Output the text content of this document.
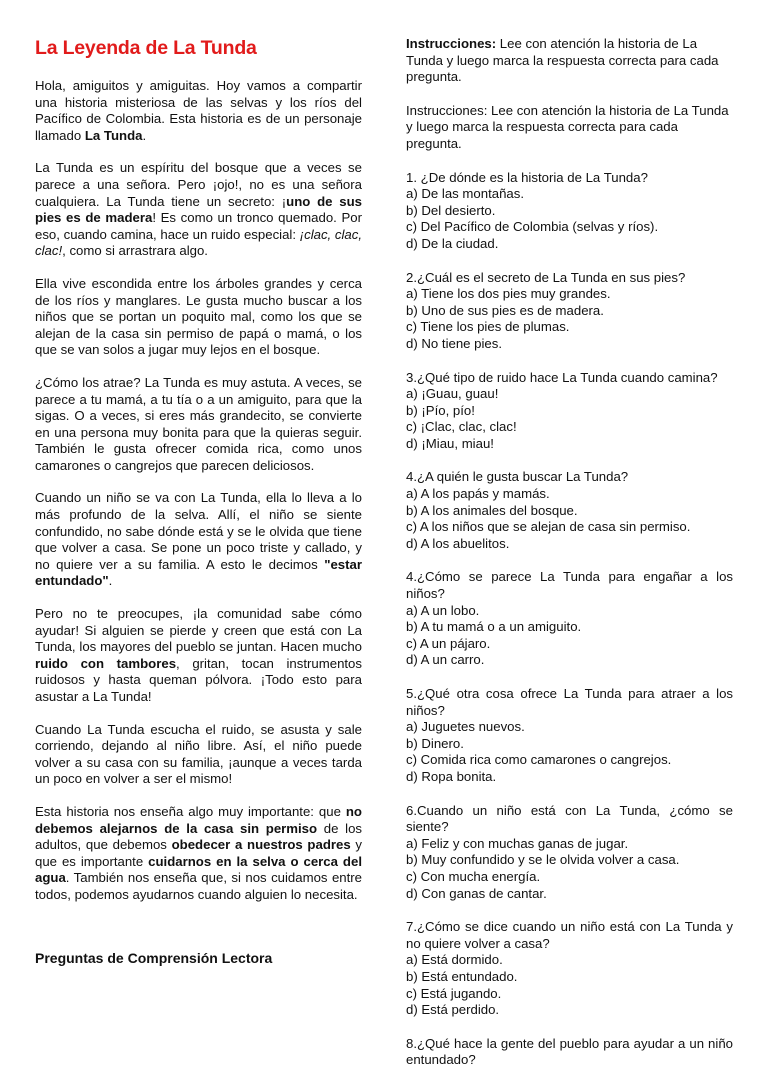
La Leyenda de La Tunda
Hola, amiguitos y amiguitas. Hoy vamos a compartir una historia misteriosa de las selvas y los ríos del Pacífico de Colombia. Esta historia es de un personaje llamado La Tunda.
La Tunda es un espíritu del bosque que a veces se parece a una señora. Pero ¡ojo!, no es una señora cualquiera. La Tunda tiene un secreto: ¡uno de sus pies es de madera! Es como un tronco quemado. Por eso, cuando camina, hace un ruido especial: ¡clac, clac, clac!, como si arrastrara algo.
Ella vive escondida entre los árboles grandes y cerca de los ríos y manglares. Le gusta mucho buscar a los niños que se portan un poquito mal, como los que se alejan de la casa sin permiso de papá o mamá, o los que se van solos a jugar muy lejos en el bosque.
¿Cómo los atrae? La Tunda es muy astuta. A veces, se parece a tu mamá, a tu tía o a un amiguito, para que la sigas. O a veces, si eres más grandecito, se convierte en una persona muy bonita para que la quieras seguir. También le gusta ofrecer comida rica, como unos camarones o cangrejos que parecen deliciosos.
Cuando un niño se va con La Tunda, ella lo lleva a lo más profundo de la selva. Allí, el niño se siente confundido, no sabe dónde está y se le olvida que tiene que volver a casa. Se pone un poco triste y callado, y no quiere ver a su familia. A esto le decimos "estar entundado".
Pero no te preocupes, ¡la comunidad sabe cómo ayudar! Si alguien se pierde y creen que está con La Tunda, los mayores del pueblo se juntan. Hacen mucho ruido con tambores, gritan, tocan instrumentos ruidosos y hasta queman pólvora. ¡Todo esto para asustar a La Tunda!
Cuando La Tunda escucha el ruido, se asusta y sale corriendo, dejando al niño libre. Así, el niño puede volver a su casa con su familia, ¡aunque a veces tarda un poco en volver a ser el mismo!
Esta historia nos enseña algo muy importante: que no debemos alejarnos de la casa sin permiso de los adultos, que debemos obedecer a nuestros padres y que es importante cuidarnos en la selva o cerca del agua. También nos enseña que, si nos cuidamos entre todos, podemos ayudarnos cuando alguien lo necesita.
Preguntas de Comprensión Lectora
Instrucciones: Lee con atención la historia de La Tunda y luego marca la respuesta correcta para cada pregunta.
Instrucciones: Lee con atención la historia de La Tunda y luego marca la respuesta correcta para cada pregunta.
1. ¿De dónde es la historia de La Tunda?
a) De las montañas.
b) Del desierto.
c) Del Pacífico de Colombia (selvas y ríos).
d) De la ciudad.
2.¿Cuál es el secreto de La Tunda en sus pies?
a) Tiene los dos pies muy grandes.
b) Uno de sus pies es de madera.
c) Tiene los pies de plumas.
d) No tiene pies.
3.¿Qué tipo de ruido hace La Tunda cuando camina?
a) ¡Guau, guau!
b) ¡Pío, pío!
c) ¡Clac, clac, clac!
d) ¡Miau, miau!
4.¿A quién le gusta buscar La Tunda?
a) A los papás y mamás.
b) A los animales del bosque.
c) A los niños que se alejan de casa sin permiso.
d) A los abuelitos.
4.¿Cómo se parece La Tunda para engañar a los niños?
a) A un lobo.
b) A tu mamá o a un amiguito.
c) A un pájaro.
d) A un carro.
5.¿Qué otra cosa ofrece La Tunda para atraer a los niños?
a) Juguetes nuevos.
b) Dinero.
c) Comida rica como camarones o cangrejos.
d) Ropa bonita.
6.Cuando un niño está con La Tunda, ¿cómo se siente?
a) Feliz y con muchas ganas de jugar.
b) Muy confundido y se le olvida volver a casa.
c) Con mucha energía.
d) Con ganas de cantar.
7.¿Cómo se dice cuando un niño está con La Tunda y no quiere volver a casa?
a) Está dormido.
b) Está entundado.
c) Está jugando.
d) Está perdido.
8.¿Qué hace la gente del pueblo para ayudar a un niño entundado?
